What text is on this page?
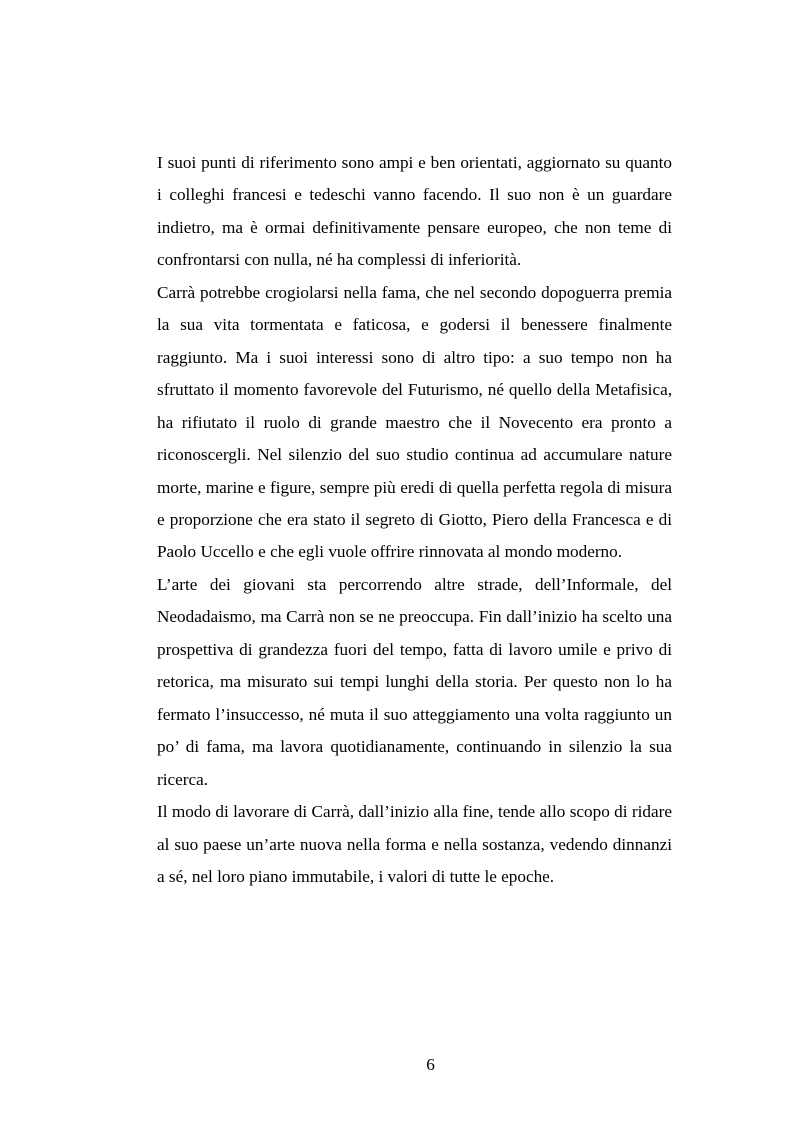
I suoi punti di riferimento sono ampi e ben orientati, aggiornato su quanto i colleghi francesi e tedeschi vanno facendo. Il suo non è un guardare indietro, ma è ormai definitivamente pensare europeo, che non teme di confrontarsi con nulla, né ha complessi di inferiorità.

Carrà potrebbe crogiolarsi nella fama, che nel secondo dopoguerra premia la sua vita tormentata e faticosa, e godersi il benessere finalmente raggiunto. Ma i suoi interessi sono di altro tipo: a suo tempo non ha sfruttato il momento favorevole del Futurismo, né quello della Metafisica, ha rifiutato il ruolo di grande maestro che il Novecento era pronto a riconoscergli. Nel silenzio del suo studio continua ad accumulare nature morte, marine e figure, sempre più eredi di quella perfetta regola di misura e proporzione che era stato il segreto di Giotto, Piero della Francesca e di Paolo Uccello e che egli vuole offrire rinnovata al mondo moderno.

L’arte dei giovani sta percorrendo altre strade, dell’Informale, del Neodadaismo, ma Carrà non se ne preoccupa. Fin dall’inizio ha scelto una prospettiva di grandezza fuori del tempo, fatta di lavoro umile e privo di retorica, ma misurato sui tempi lunghi della storia. Per questo non lo ha fermato l’insuccesso, né muta il suo atteggiamento una volta raggiunto un po’ di fama, ma lavora quotidianamente, continuando in silenzio la sua ricerca.

Il modo di lavorare di Carrà, dall’inizio alla fine, tende allo scopo di ridare al suo paese un’arte nuova nella forma e nella sostanza, vedendo dinnanzi a sé, nel loro piano immutabile, i valori di tutte le epoche.

6
